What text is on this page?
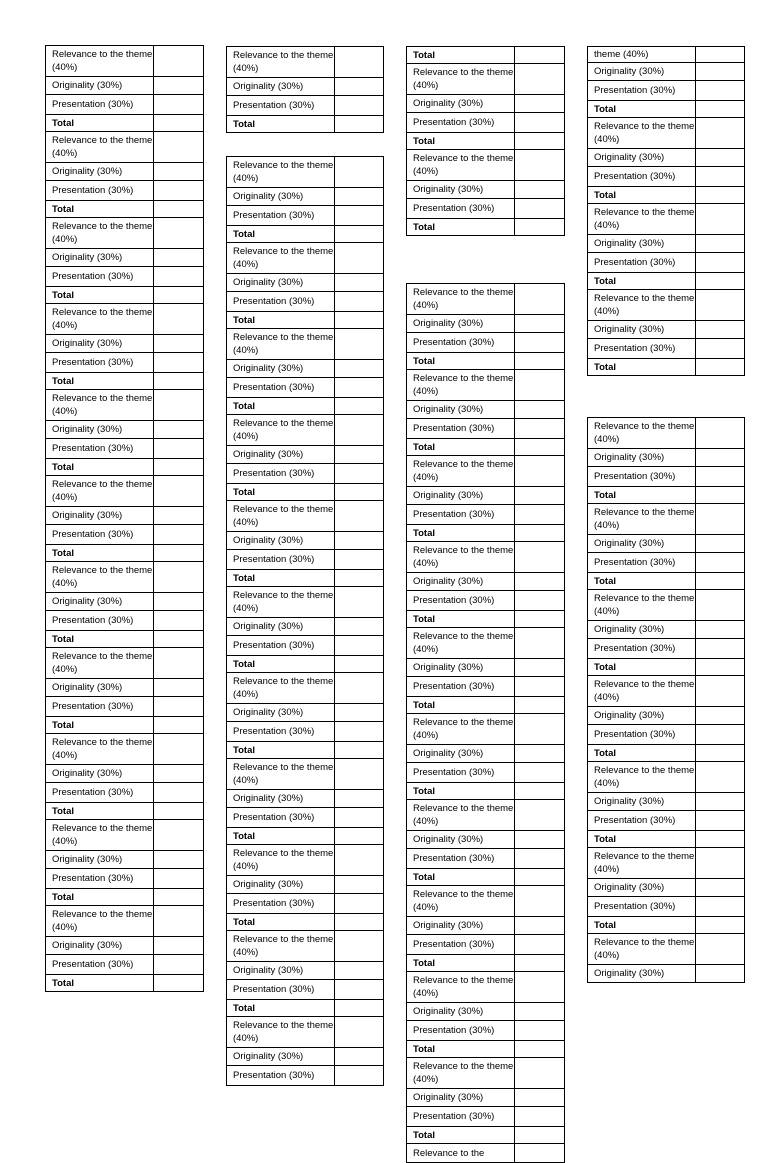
Relevance to the theme (40%)	
Originality (30%)	
Presentation (30%)	
Total	
Relevance to the theme (40%)	
Originality (30%)	
Presentation (30%)	
Total	
Relevance to the theme (40%)	
Originality (30%)	
Presentation (30%)	
Total	
Relevance to the theme (40%)	
Originality (30%)	
Presentation (30%)	
Total	
Relevance to the theme (40%)	
Originality (30%)	
Presentation (30%)	
Total	
Relevance to the theme (40%)	
Originality (30%)	
Presentation (30%)	
Total	
Relevance to the theme (40%)	
Originality (30%)	
Presentation (30%)	
Total	
Relevance to the theme (40%)	
Originality (30%)	
Presentation (30%)	
Total	
Relevance to the theme (40%)	
Originality (30%)	
Presentation (30%)	
Total	
Relevance to the theme (40%)	
Originality (30%)	
Presentation (30%)	
Total	
Relevance to the theme (40%)	
Originality (30%)	
Presentation (30%)	
Total	
Relevance to the theme (40%)	
Originality (30%)	
Presentation (30%)	
Total	
Relevance to the theme (40%)	
Originality (30%)	
Presentation (30%)	
Total	
Relevance to the theme (40%)	
Originality (30%)	
Presentation (30%)	
Total	
Relevance to the theme (40%)	
Originality (30%)	
Presentation (30%)	
Total	
Relevance to the theme (40%)	
Originality (30%)	
Presentation (30%)	
Total	
Relevance to the theme (40%)	
Originality (30%)	
Presentation (30%)	
Total	
Relevance to the theme (40%)	
Originality (30%)	
Presentation (30%)	
Total	
Relevance to the theme (40%)	
Originality (30%)	
Presentation (30%)	
Total	
Relevance to the theme (40%)	
Originality (30%)	
Presentation (30%)	
Total	
Relevance to the theme (40%)	
Originality (30%)	
Presentation (30%)	
Total	
Relevance to the theme (40%)	
Originality (30%)	
Presentation (30%)	
Total	
Relevance to the theme (40%)	
Originality (30%)	
Presentation (30%)	
Total	
Relevance to the theme (40%)	
Originality (30%)	
Presentation (30%)	
Total	
Relevance to the theme (40%)	
Originality (30%)	
Presentation (30%)	
Total	
Relevance to the theme (40%)	
Originality (30%)	
Presentation (30%)	
Total	
Relevance to the theme (40%)	
Originality (30%)	
Presentation (30%)	
Total	
Relevance to the theme (40%)	
Originality (30%)	
Presentation (30%)	
Total	
Relevance to the theme (40%)	
Originality (30%)	
Presentation (30%)	
Total	
Relevance to the theme (40%)	
Originality (30%)	
Presentation (30%)	
Total	
Relevance to the theme (40%)	
Originality (30%)	
Presentation (30%)	
Total	
Relevance to the theme (40%)	
Originality (30%)	
Presentation (30%)	
Total	
Relevance to the theme (40%)	
Originality (30%)	
Presentation (30%)	
Total	
Relevance to the theme (40%)	
Originality (30%)	
Presentation (30%)	
Total	
Relevance to the theme (40%)	
Originality (30%)	
Presentation (30%)	
Total	
Relevance to the	
theme (40%)	
Originality (30%)	
Presentation (30%)	
Total	
Relevance to the theme (40%)	
Originality (30%)	
Presentation (30%)	
Total	
Relevance to the theme (40%)	
Originality (30%)	
Presentation (30%)	
Total	
Relevance to the theme (40%)	
Originality (30%)	
Presentation (30%)	
Total	
Relevance to the theme (40%)	
Originality (30%)	
Presentation (30%)	
Total	
Relevance to the theme (40%)	
Originality (30%)	
Presentation (30%)	
Total	
Relevance to the theme (40%)	
Originality (30%)	
Presentation (30%)	
Total	
Relevance to the theme (40%)	
Originality (30%)	
Presentation (30%)	
Total	
Relevance to the theme (40%)	
Originality (30%)	
Presentation (30%)	
Total	
Relevance to the theme (40%)	
Originality (30%)	
Presentation (30%)	
Total	
Relevance to the theme (40%)	
Originality (30%)	
